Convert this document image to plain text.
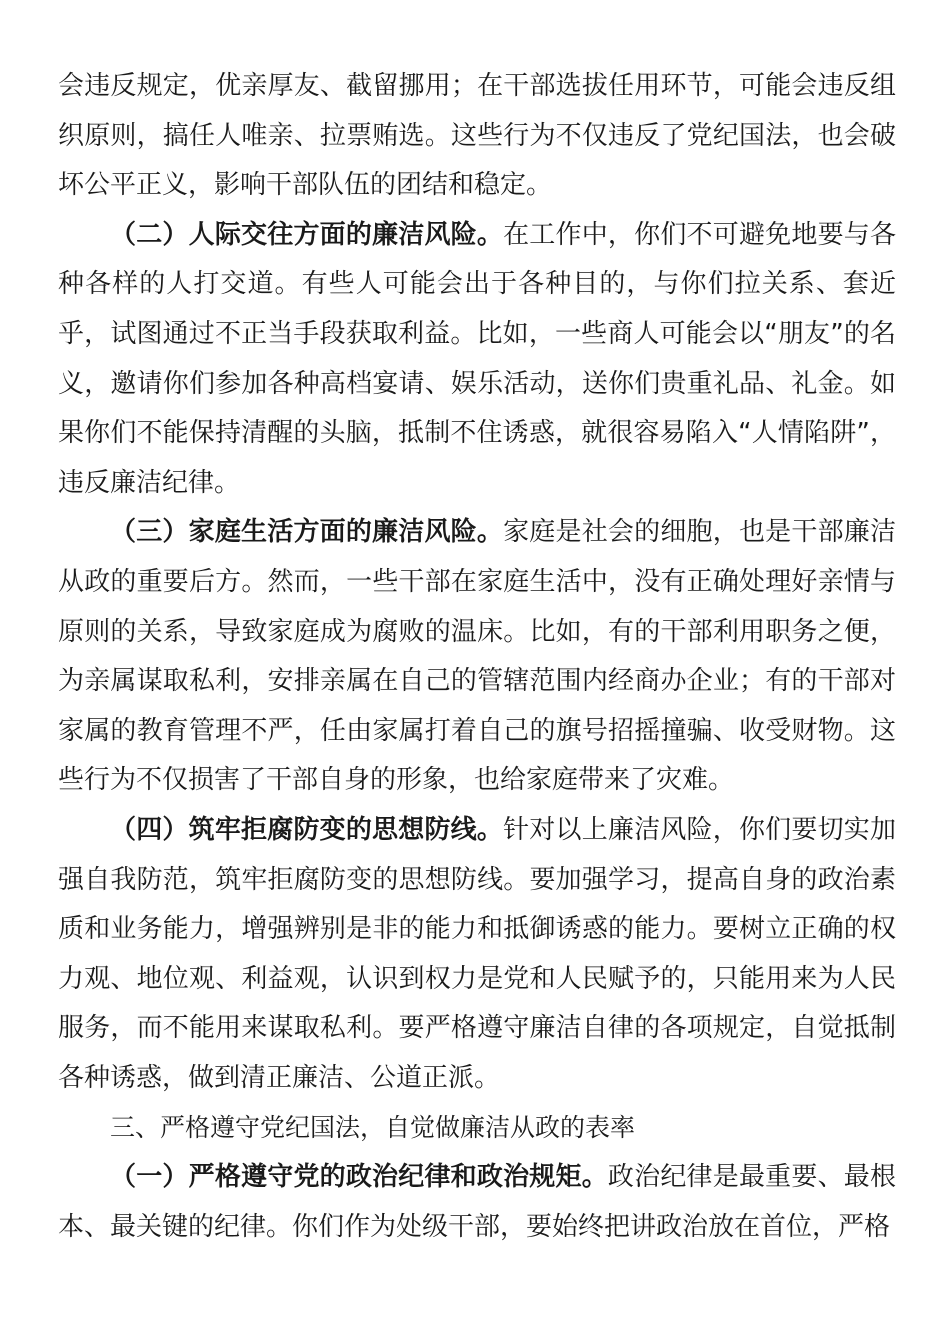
会违反规定，优亲厚友、截留挪用；在干部选拔任用环节，可能会违反组织原则，搞任人唯亲、拉票贿选。这些行为不仅违反了党纪国法，也会破坏公平正义，影响干部队伍的团结和稳定。

（二）人际交往方面的廉洁风险。在工作中，你们不可避免地要与各种各样的人打交道。有些人可能会出于各种目的，与你们拉关系、套近乎，试图通过不正当手段获取利益。比如，一些商人可能会以“朋友”的名义，邀请你们参加各种高档宴请、娱乐活动，送你们贵重礼品、礼金。如果你们不能保持清醒的头脑，抵制不住诱惑，就很容易陷入“人情陷阱”，违反廉洁纪律。

（三）家庭生活方面的廉洁风险。家庭是社会的细胞，也是干部廉洁从政的重要后方。然而，一些干部在家庭生活中，没有正确处理好亲情与原则的关系，导致家庭成为腐败的温床。比如，有的干部利用职务之便，为亲属谋取私利，安排亲属在自己的管辖范围内经商办企业；有的干部对家属的教育管理不严，任由家属打着自己的旗号招摇撞骗、收受财物。这些行为不仅损害了干部自身的形象，也给家庭带来了灾难。

（四）筑牢拒腐防变的思想防线。针对以上廉洁风险，你们要切实加强自我防范，筑牢拒腐防变的思想防线。要加强学习，提高自身的政治素质和业务能力，增强辨别是非的能力和抵御诱惑的能力。要树立正确的权力观、地位观、利益观，认识到权力是党和人民赋予的，只能用来为人民服务，而不能用来谋取私利。要严格遵守廉洁自律的各项规定，自觉抵制各种诱惑，做到清正廉洁、公道正派。

三、严格遵守党纪国法，自觉做廉洁从政的表率

（一）严格遵守党的政治纪律和政治规矩。政治纪律是最重要、最根本、最关键的纪律。你们作为处级干部，要始终把讲政治放在首位，严格
